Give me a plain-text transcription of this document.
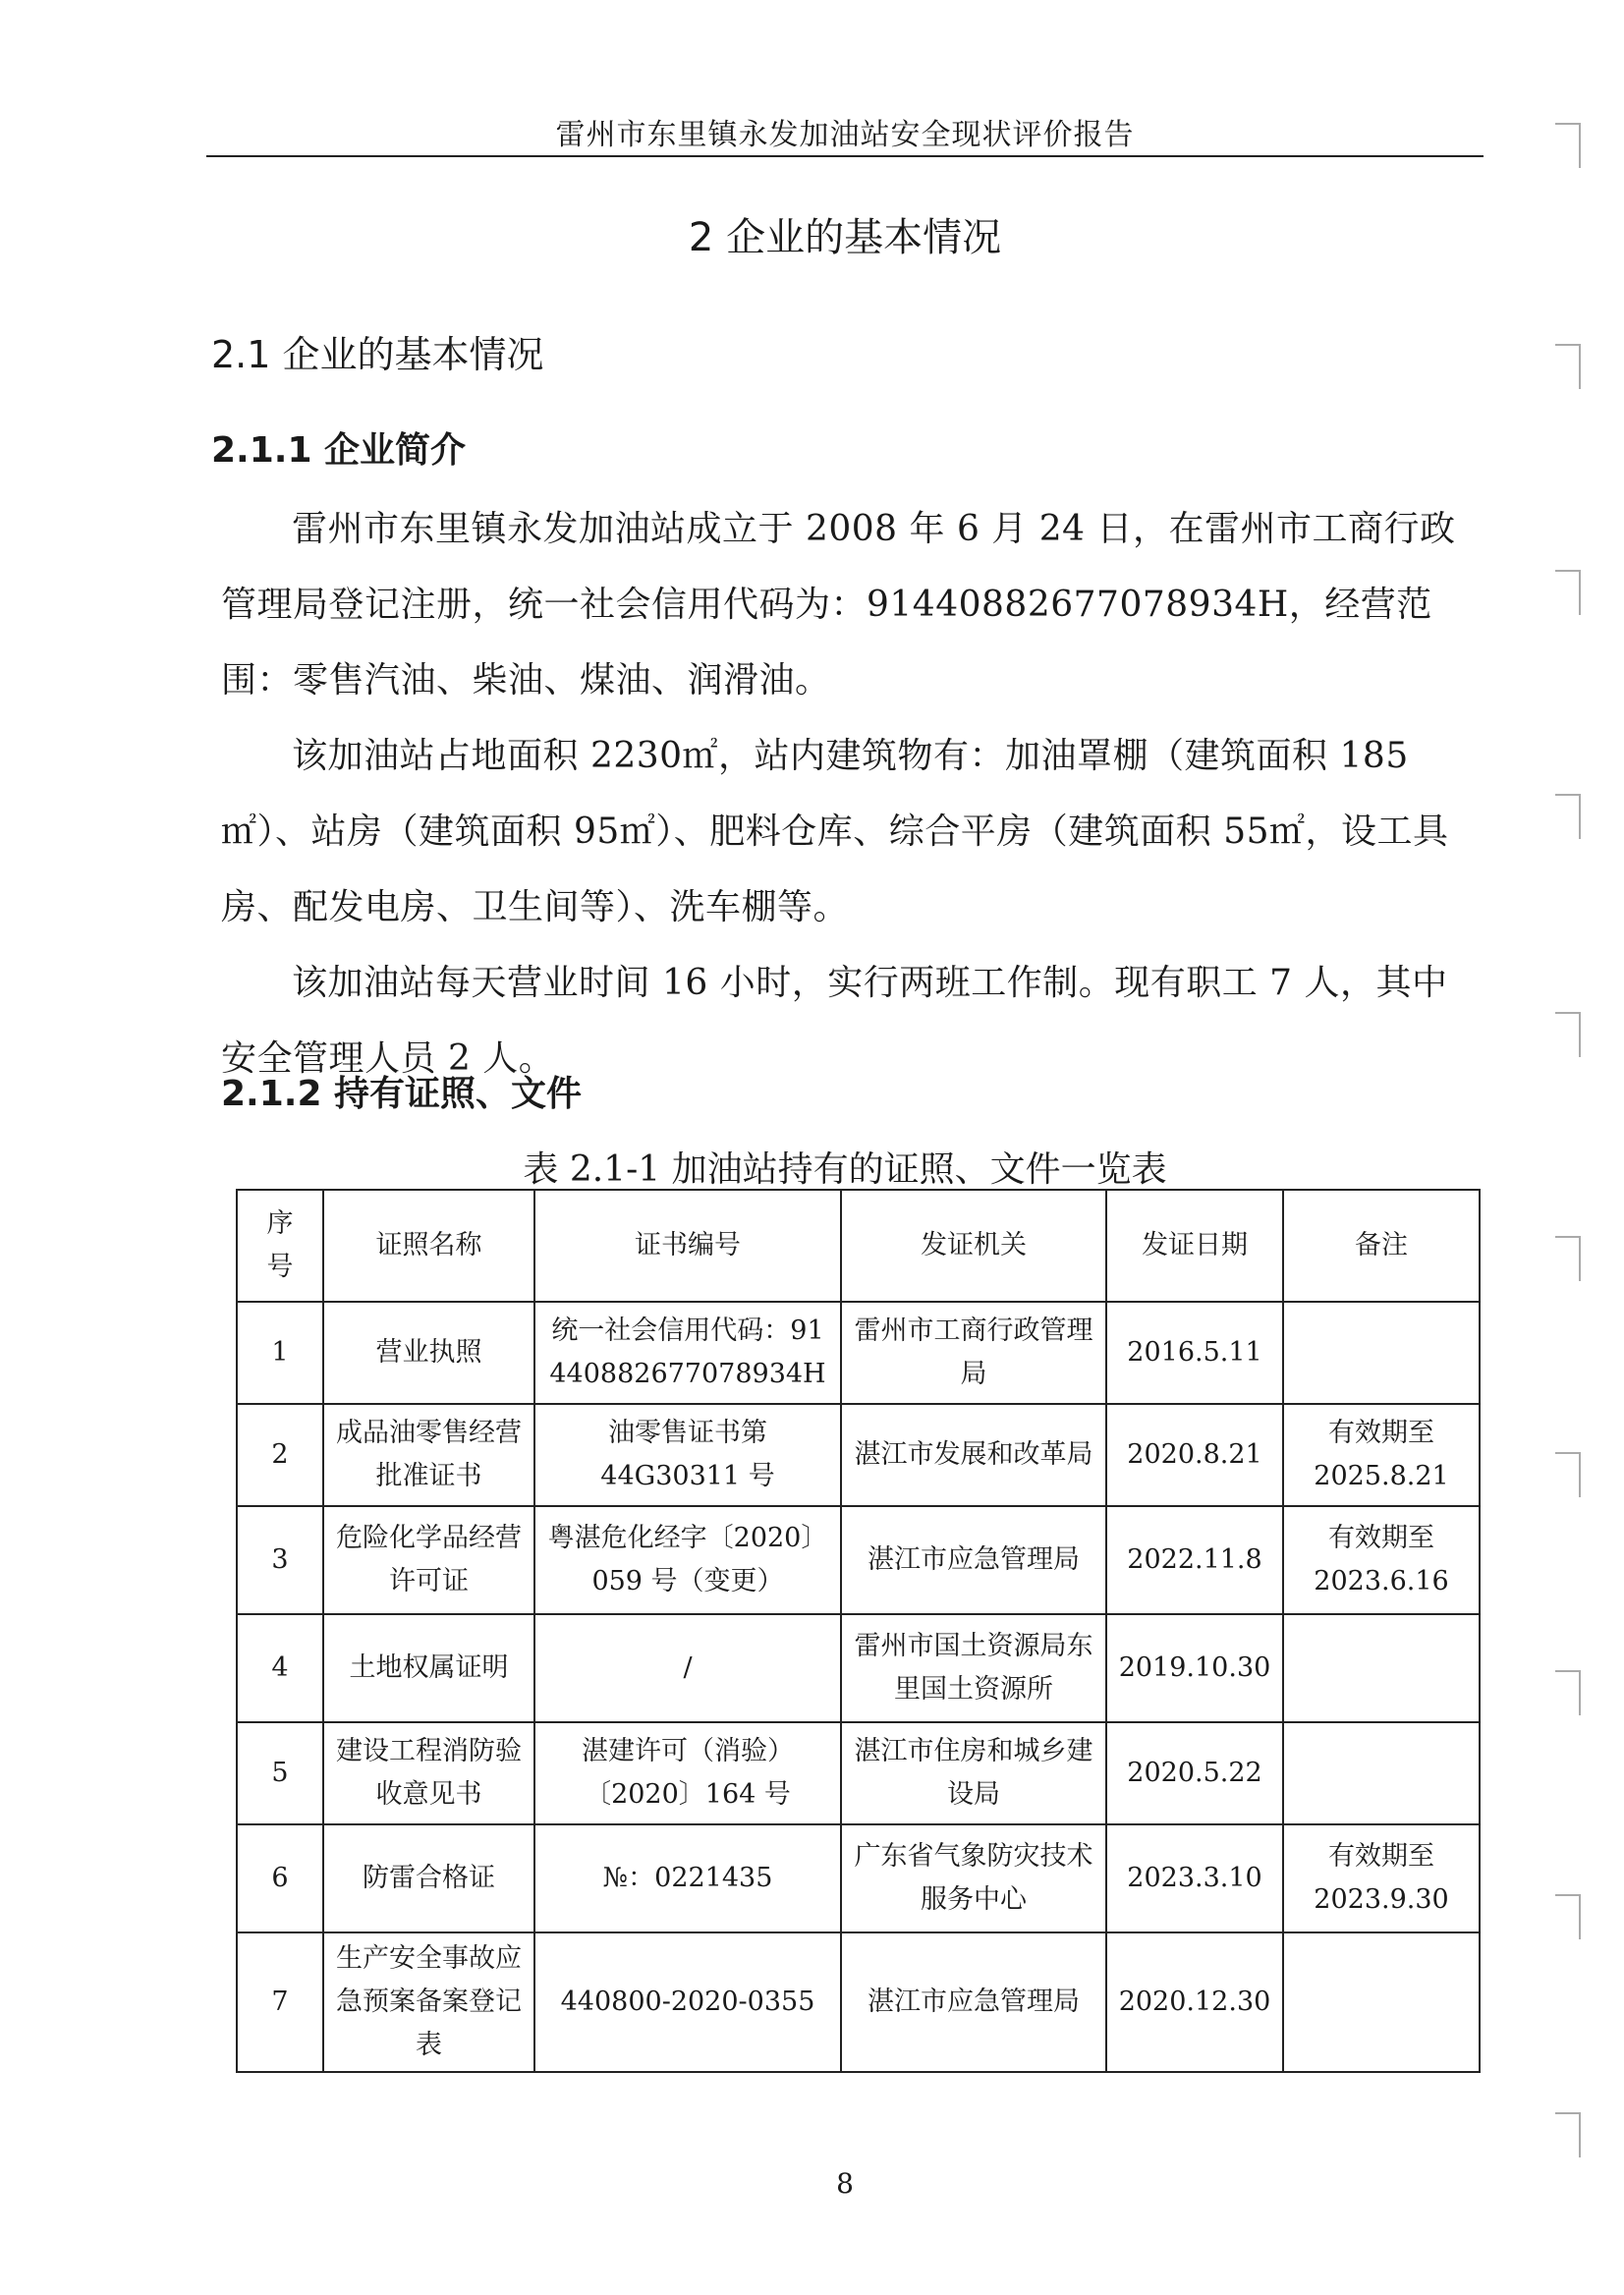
雷州市东里镇永发加油站安全现状评价报告
2 企业的基本情况
2.1 企业的基本情况
2.1.1 企业简介

雷州市东里镇永发加油站成立于 2008 年 6 月 24 日，在雷州市工商行政管理局登记注册，统一社会信用代码为：91440882677078934H，经营范围：零售汽油、柴油、煤油、润滑油。

该加油站占地面积 2230㎡，站内建筑物有：加油罩棚（建筑面积 185㎡）、站房（建筑面积 95㎡）、肥料仓库、综合平房（建筑面积 55㎡，设工具房、配发电房、卫生间等）、洗车棚等。

该加油站每天营业时间 16 小时，实行两班工作制。现有职工 7 人，其中安全管理人员 2 人。

2.1.2 持有证照、文件
表 2.1-1 加油站持有的证照、文件一览表
序号	证照名称	证书编号	发证机关	发证日期	备注
1	营业执照	统一社会信用代码：91440882677078934H	雷州市工商行政管理局	2016.5.11	
2	成品油零售经营批准证书	油零售证书第44G30311 号	湛江市发展和改革局	2020.8.21	有效期至2025.8.21
3	危险化学品经营许可证	粤湛危化经字〔2020〕059 号（变更）	湛江市应急管理局	2022.11.8	有效期至2023.6.16
4	土地权属证明	/	雷州市国土资源局东里国土资源所	2019.10.30	
5	建设工程消防验收意见书	湛建许可（消验）〔2020〕164 号	湛江市住房和城乡建设局	2020.5.22	
6	防雷合格证	№：0221435	广东省气象防灾技术服务中心	2023.3.10	有效期至2023.9.30
7	生产安全事故应急预案备案登记表	440800-2020-0355	湛江市应急管理局	2020.12.30	
8
